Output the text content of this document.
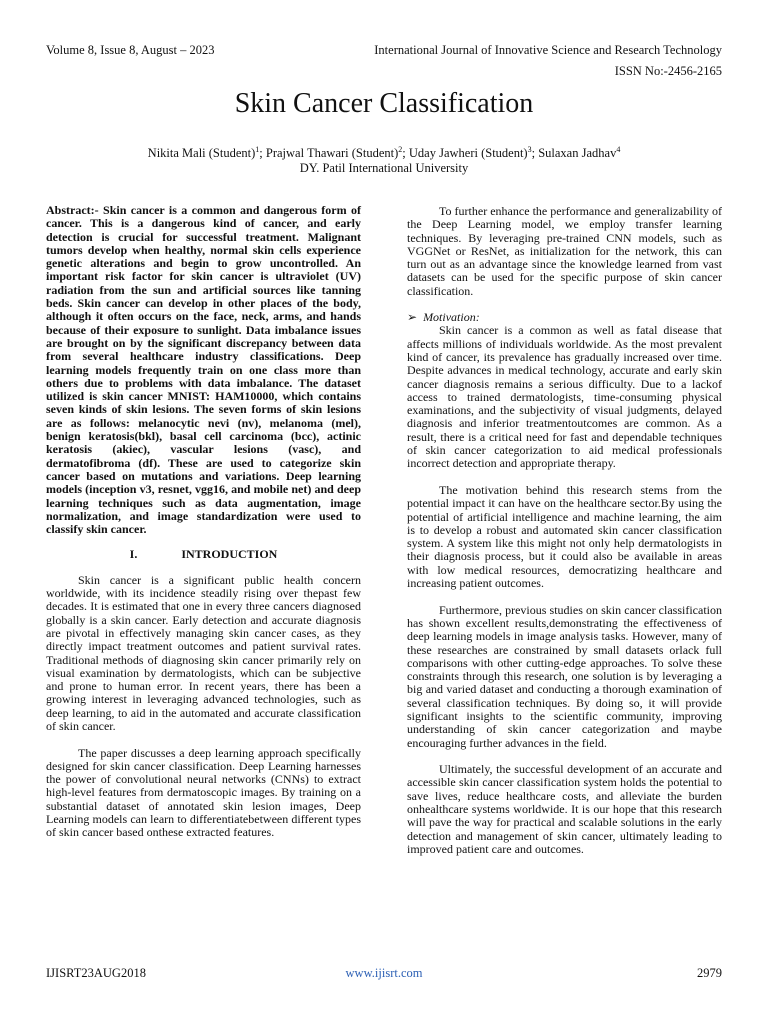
Volume 8, Issue 8, August – 2023	International Journal of Innovative Science and Research Technology
ISSN No:-2456-2165
Skin Cancer Classification
Nikita Mali (Student)$^1$; Prajwal Thawari (Student)$^2$; Uday Jawheri (Student)$^3$; Sulaxan Jadhav$^4$
DY. Patil International University

Abstract:- Skin cancer is a common and dangerous form of cancer. This is a dangerous kind of cancer, and early detection is crucial for successful treatment. Malignant tumors develop when healthy, normal skin cells experience genetic alterations and begin to grow uncontrolled. An important risk factor for skin cancer is ultraviolet (UV) radiation from the sun and artificial sources like tanning beds. Skin cancer can develop in other places of the body, although it often occurs on the face, neck, arms, and hands because of their exposure to sunlight. Data imbalance issues are brought on by the significant discrepancy between data from several healthcare industry classifications. Deep learning models frequently train on one class more than others due to problems with data imbalance. The dataset utilized is skin cancer MNIST: HAM10000, which contains seven kinds of skin lesions. The seven forms of skin lesions are as follows: melanocytic nevi (nv), melanoma (mel), benign keratosis(bkl), basal cell carcinoma (bcc), actinic keratosis (akiec), vascular lesions (vasc), and dermatofibroma (df). These are used to categorize skin cancer based on mutations and variations. Deep learning models (inception v3, resnet, vgg16, and mobile net) and deep learning techniques such as data augmentation, image normalization, and image standardization were used to classify skin cancer.

I.	INTRODUCTION

Skin cancer is a significant public health concern worldwide, with its incidence steadily rising over thepast few decades. It is estimated that one in every three cancers diagnosed globally is a skin cancer. Early detection and accurate diagnosis are pivotal in effectively managing skin cancer cases, as they directly impact treatment outcomes and patient survival rates. Traditional methods of diagnosing skin cancer primarily rely on visual examination by dermatologists, which can be subjective and prone to human error. In recent years, there has been a growing interest in leveraging advanced technologies, such as deep learning, to aid in the automated and accurate classification of skin cancer.

The paper discusses a deep learning approach specifically designed for skin cancer classification. Deep Learning harnesses the power of convolutional neural networks (CNNs) to extract high-level features from dermatoscopic images. By training on a substantial dataset of annotated skin lesion images, Deep Learning models can learn to differentiatebetween different types of skin cancer based onthese extracted features.

To further enhance the performance and generalizability of the Deep Learning model, we employ transfer learning techniques. By leveraging pre-trained CNN models, such as VGGNet or ResNet, as initialization for the network, this can turn out as an advantage since the knowledge learned from vast datasets can be used for the specific purpose of skin cancer classification.

➢ Motivation:

Skin cancer is a common as well as fatal disease that affects millions of individuals worldwide. As the most prevalent kind of cancer, its prevalence has gradually increased over time. Despite advances in medical technology, accurate and early skin cancer diagnosis remains a serious difficulty. Due to a lackof access to trained dermatologists, time-consuming physical examinations, and the subjectivity of visual judgments, delayed diagnosis and inferior treatmentoutcomes are common. As a result, there is a critical need for fast and dependable techniques of skin cancer categorization to aid medical professionals incorrect detection and appropriate therapy.

The motivation behind this research stems from the potential impact it can have on the healthcare sector.By using the potential of artificial intelligence and machine learning, the aim is to develop a robust and automated skin cancer classification system. A system like this might not only help dermatologists in their diagnosis process, but it could also be available in areas with low medical resources, democratizing healthcare and increasing patient outcomes.

Furthermore, previous studies on skin cancer classification has shown excellent results,demonstrating the effectiveness of deep learning models in image analysis tasks. However, many of these researches are constrained by small datasets orlack full comparisons with other cutting-edge approaches. To solve these constraints through this research, one solution is by leveraging a big and varied dataset and conducting a thorough examination of several classification techniques. By doing so, it will provide significant insights to the scientific community, improving understanding of skin cancer categorization and maybe encouraging further advances in the field.

Ultimately, the successful development of an accurate and accessible skin cancer classification system holds the potential to save lives, reduce healthcare costs, and alleviate the burden onhealthcare systems worldwide. It is our hope that this research will pave the way for practical and scalable solutions in the early detection and management of skin cancer, ultimately leading to improved patient care and outcomes.

IJISRT23AUG2018	www.ijisrt.com	2979
